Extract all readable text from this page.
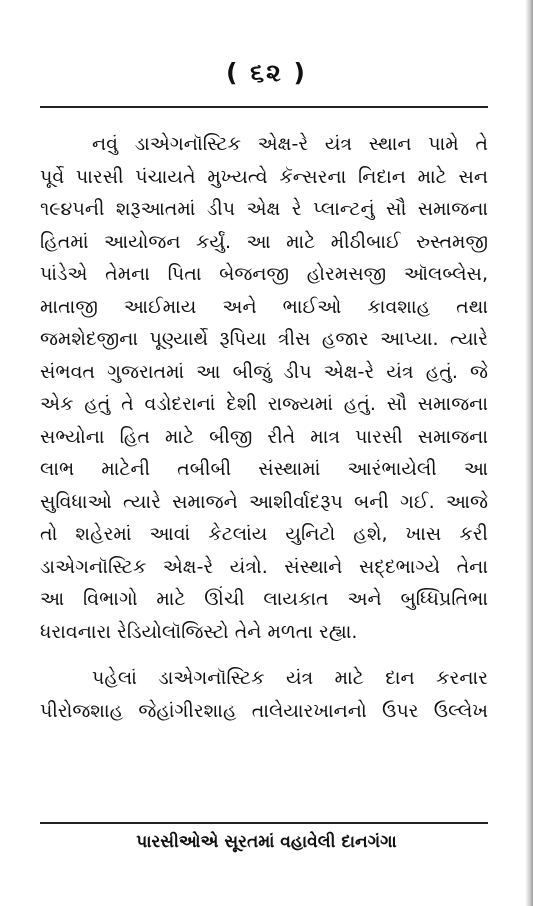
( ૬૨ )
નવું ડાએગનૉસ્ટિક એક્ષ-રે યંત્ર સ્થાન પામે તે
પૂર્વે પારસી પંચાયતે મુખ્યત્વે કૅન્સરના નિદાન માટે સન
૧૯૪૫ની શરૂઆતમાં ડીપ એક્ષ રે પ્લાન્ટનું સૌ સમાજના
હિતમાં આયોજન કર્યું. આ માટે મીઠીબાઈ રુસ્તમજી
પાંડેએ તેમના પિતા બેજનજી હોરમસજી ઑલબ્લેસ,
માતાજી આઈમાય અને ભાઈઓ કાવશાહ તથા
જમશેદજીના પૂણ્યાર્થે રૂપિયા ત્રીસ હજાર આપ્યા. ત્યારે
સંભવત ગુજરાતમાં આ બીજું ડીપ એક્ષ-રે યંત્ર હતું. જે
એક હતું તે વડોદરાનાં દેશી રાજ્યમાં હતું. સૌ સમાજના
સભ્યોના હિત માટે બીજી રીતે માત્ર પારસી સમાજના
લાભ માટેની તબીબી સંસ્થામાં આરંભાયેલી આ
સુવિધાઓ ત્યારે સમાજને આશીર્વાદરૂપ બની ગઈ. આજે
તો શહેરમાં આવાં કેટલાંય યુનિટો હશે, ખાસ કરી
ડાએગનૉસ્ટિક એક્ષ-રે યંત્રો. સંસ્થાને સદ્દભાગ્યે તેના
આ વિભાગો માટે ઊંચી લાયકાત અને બુધ્ધિપ્રતિભા
ધરાવનારા રેડિયોલૉજિસ્ટો તેને મળતા રહ્યા.
પહેલાં ડાએગનૉસ્ટિક યંત્ર માટે દાન કરનાર
પીરોજશાહ જેહાંગીરશાહ તાલેયારખાનનો ઉપર ઉલ્લેખ
પારસીઓએ સૂરતમાં વહાવેલી દાનગંગા
